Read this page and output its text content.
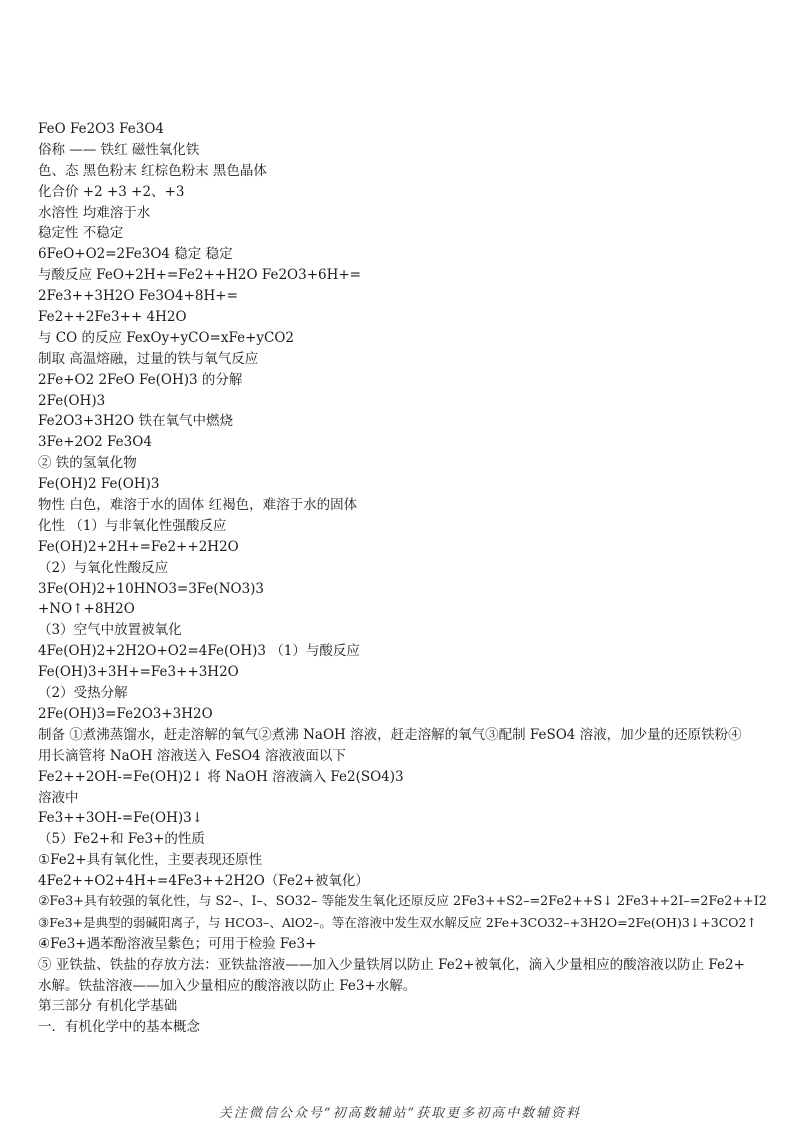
FeO Fe2O3 Fe3O4
俗称 —— 铁红 磁性氧化铁
色、态 黑色粉末 红棕色粉末 黑色晶体
化合价 +2 +3 +2、+3
水溶性 均难溶于水
稳定性 不稳定
6FeO+O2=2Fe3O4 稳定 稳定
与酸反应 FeO+2H+=Fe2++H2O Fe2O3+6H+=
2Fe3++3H2O Fe3O4+8H+=
Fe2++2Fe3++ 4H2O
与 CO 的反应 FexOy+yCO=xFe+yCO2
制取 高温熔融，过量的铁与氧气反应
2Fe+O2 2FeO Fe(OH)3 的分解
2Fe(OH)3
Fe2O3+3H2O 铁在氧气中燃烧
3Fe+2O2 Fe3O4
② 铁的氢氧化物
Fe(OH)2 Fe(OH)3
物性 白色，难溶于水的固体 红褐色，难溶于水的固体
化性 （1）与非氧化性强酸反应
Fe(OH)2+2H+=Fe2++2H2O
（2）与氧化性酸反应
3Fe(OH)2+10HNO3=3Fe(NO3)3
+NO↑+8H2O
（3）空气中放置被氧化
4Fe(OH)2+2H2O+O2=4Fe(OH)3 （1）与酸反应
Fe(OH)3+3H+=Fe3++3H2O
（2）受热分解
2Fe(OH)3=Fe2O3+3H2O
制备 ①煮沸蒸馏水，赶走溶解的氧气②煮沸 NaOH 溶液，赶走溶解的氧气③配制 FeSO4 溶液，加少量的还原铁粉④
用长滴管将 NaOH 溶液送入 FeSO4 溶液液面以下
Fe2++2OH-=Fe(OH)2↓ 将 NaOH 溶液滴入 Fe2(SO4)3
溶液中
Fe3++3OH-=Fe(OH)3↓
（5）Fe2+和 Fe3+的性质
①Fe2+具有氧化性，主要表现还原性
4Fe2++O2+4H+=4Fe3++2H2O（Fe2+被氧化）
②Fe3+具有较强的氧化性，与 S2–、I–、SO32– 等能发生氧化还原反应 2Fe3++S2–=2Fe2++S↓ 2Fe3++2I–=2Fe2++I2
③Fe3+是典型的弱碱阳离子，与 HCO3–、AlO2–。等在溶液中发生双水解反应 2Fe+3CO32–+3H2O=2Fe(OH)3↓+3CO2↑
④Fe3+遇苯酚溶液呈紫色；可用于检验 Fe3+
⑤ 亚铁盐、铁盐的存放方法：亚铁盐溶液——加入少量铁屑以防止 Fe2+被氧化，滴入少量相应的酸溶液以防止 Fe2+
水解。铁盐溶液——加入少量相应的酸溶液以防止 Fe3+水解。
第三部分 有机化学基础
一．有机化学中的基本概念
关注微信公众号“初高数辅站”获取更多初高中数辅资料
